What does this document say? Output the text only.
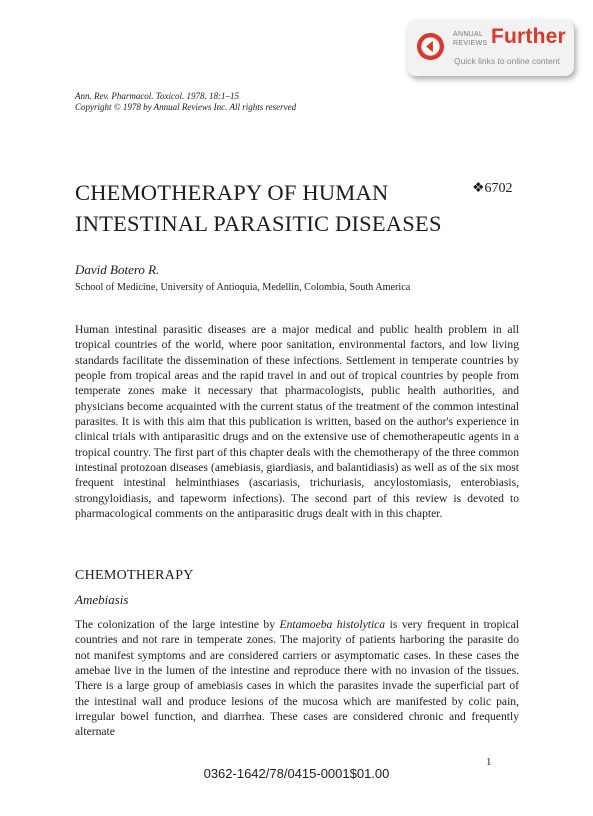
ANNUAL REVIEWS Further
Quick links to online content
Ann. Rev. Pharmacol. Toxicol. 1978. 18:1–15
Copyright © 1978 by Annual Reviews Inc. All rights reserved
CHEMOTHERAPY OF HUMAN
INTESTINAL PARASITIC DISEASES
❖6702
David Botero R.
School of Medicine, University of Antioquia, Medellin, Colombia, South America

Human intestinal parasitic diseases are a major medical and public health problem in all tropical countries of the world, where poor sanitation, environmental factors, and low living standards facilitate the dissemination of these infections. Settlement in temperate countries by people from tropical areas and the rapid travel in and out of tropical countries by people from temperate zones make it necessary that pharmacologists, public health authorities, and physicians become acquainted with the current status of the treatment of the common intestinal parasites. It is with this aim that this publication is written, based on the author's experience in clinical trials with antiparasitic drugs and on the extensive use of chemotherapeutic agents in a tropical country. The first part of this chapter deals with the chemotherapy of the three common intestinal protozoan diseases (amebiasis, giardiasis, and balantidiasis) as well as of the six most frequent intestinal helminthiases (ascariasis, trichuriasis, ancylostomiasis, enterobiasis, strongyloidiasis, and tapeworm infections). The second part of this review is devoted to pharmacological comments on the antiparasitic drugs dealt with in this chapter.

CHEMOTHERAPY
Amebiasis

The colonization of the large intestine by Entamoeba histolytica is very frequent in tropical countries and not rare in temperate zones. The majority of patients harboring the parasite do not manifest symptoms and are considered carriers or asymptomatic cases. In these cases the amebae live in the lumen of the intestine and reproduce there with no invasion of the tissues. There is a large group of amebiasis cases in which the parasites invade the superficial part of the intestinal wall and produce lesions of the mucosa which are manifested by colic pain, irregular bowel function, and diarrhea. These cases are considered chronic and frequently alternate

1
0362-1642/78/0415-0001$01.00
